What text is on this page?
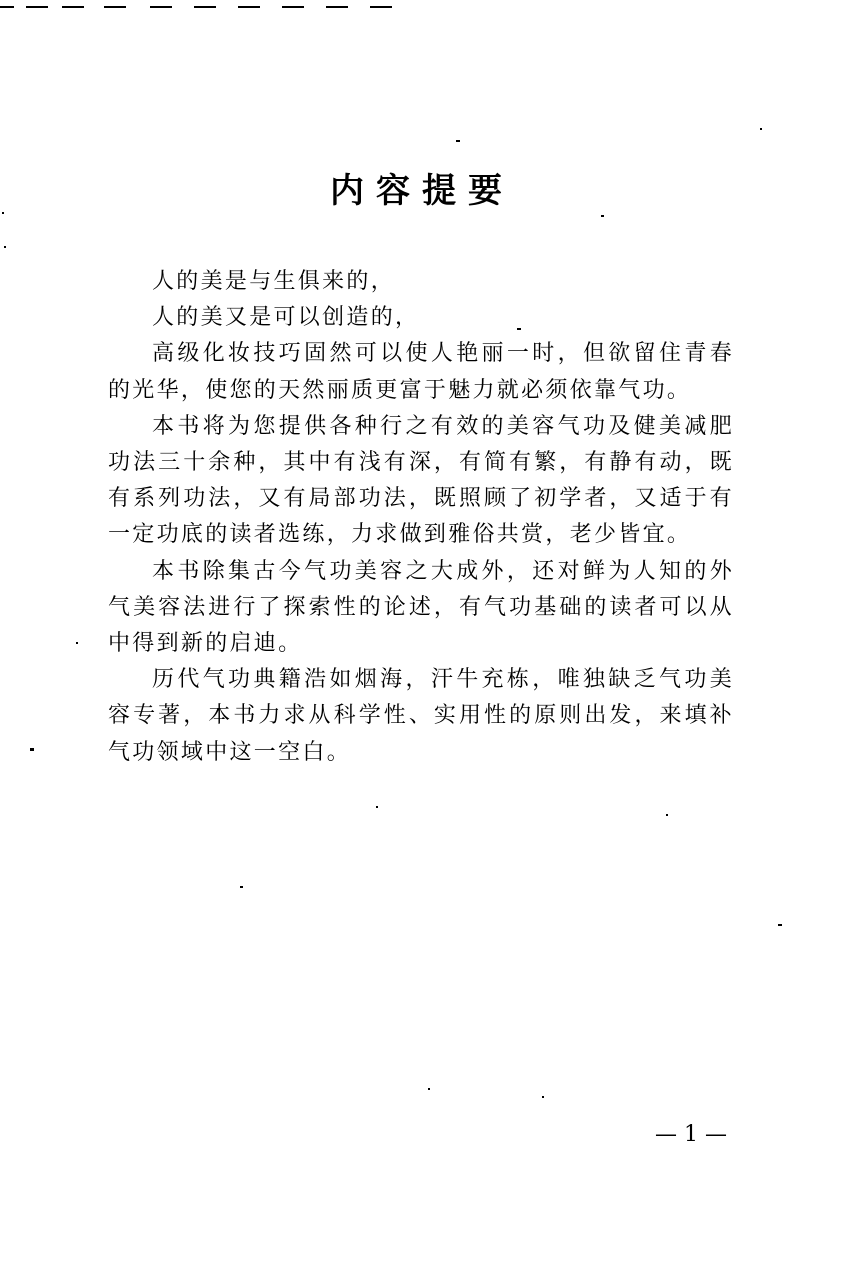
内容提要

人的美是与生俱来的，

人的美又是可以创造的，

高级化妆技巧固然可以使人艳丽一时，但欲留住青春的光华，使您的天然丽质更富于魅力就必须依靠气功。

本书将为您提供各种行之有效的美容气功及健美减肥功法三十余种，其中有浅有深，有简有繁，有静有动，既有系列功法，又有局部功法，既照顾了初学者，又适于有一定功底的读者选练，力求做到雅俗共赏，老少皆宜。

本书除集古今气功美容之大成外，还对鲜为人知的外气美容法进行了探索性的论述，有气功基础的读者可以从中得到新的启迪。

历代气功典籍浩如烟海，汗牛充栋，唯独缺乏气功美容专著，本书力求从科学性、实用性的原则出发，来填补气功领域中这一空白。

— 1 —
